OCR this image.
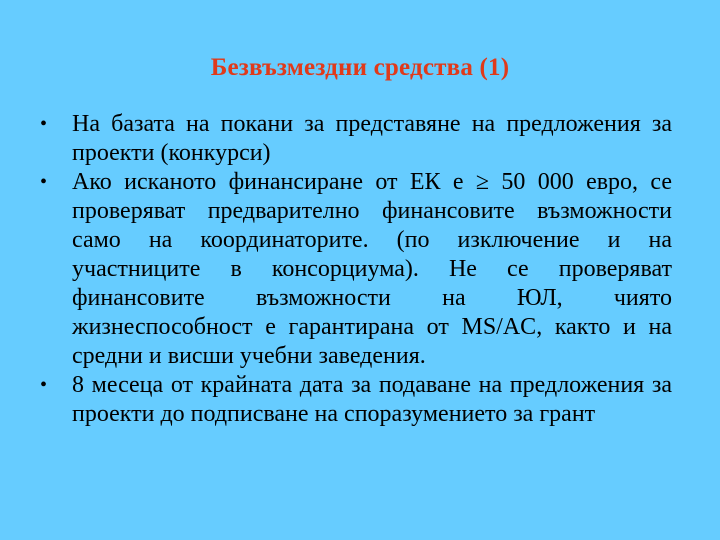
Безвъзмездни средства (1)
• На базата на покани за представяне на предложения за проекти (конкурси)
• Ако исканото финансиране от ЕК е ≥ 50 000 евро, се проверяват предварително финансовите възможности само на координаторите. (по изключение и на участниците в консорциума). Не се проверяват финансовите възможности на ЮЛ, чиято жизнеспособност е гарантирана от MS/AC, както и на средни и висши учебни заведения.
• 8 месеца от крайната дата за подаване на предложения за проекти до подписване на споразумението за грант
